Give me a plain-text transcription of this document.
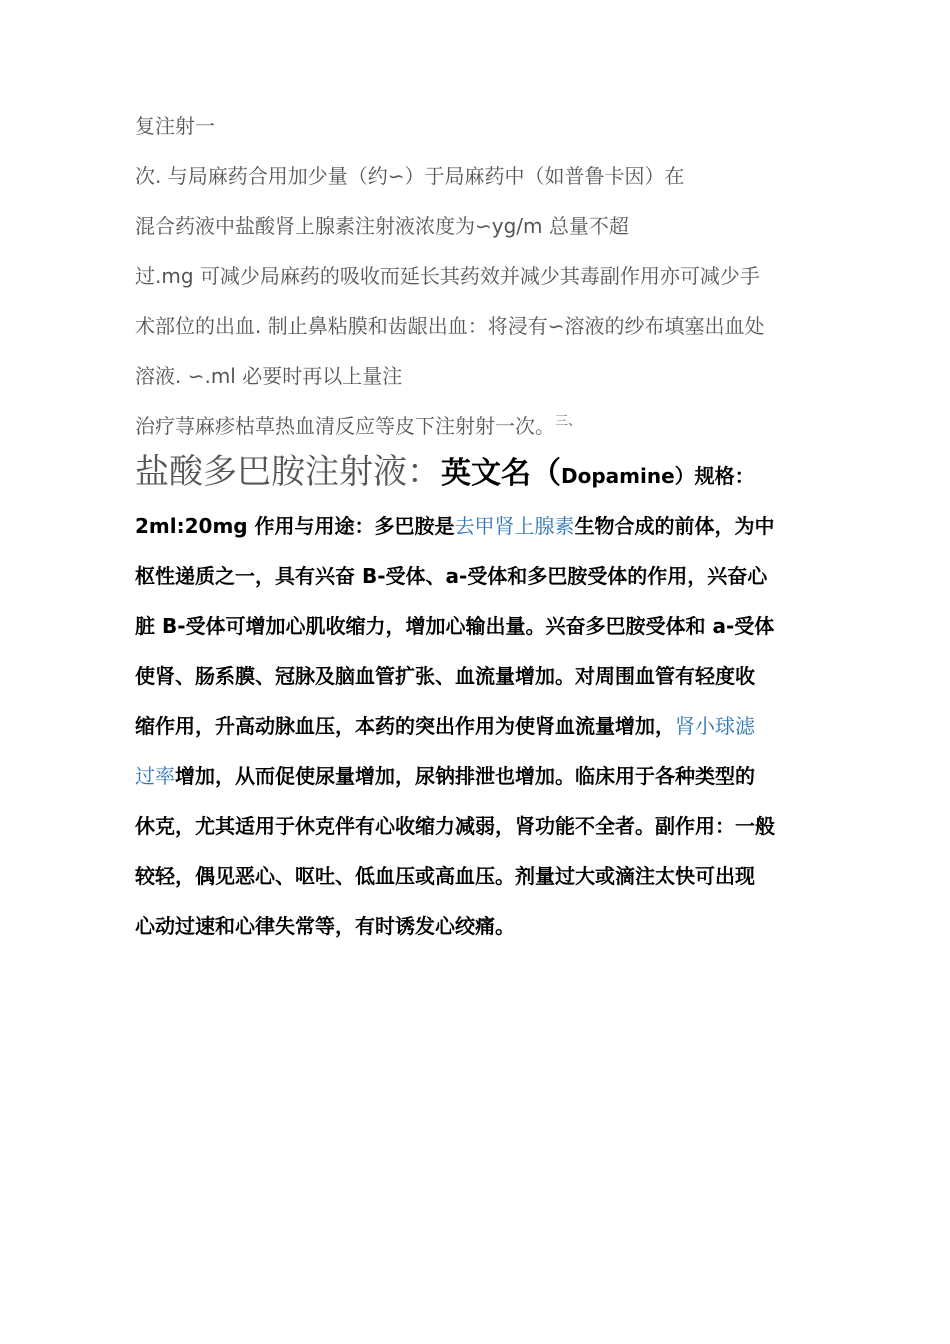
复注射一
次. 与局麻药合用加少量（约∽）于局麻药中（如普鲁卡因）在
混合药液中盐酸肾上腺素注射液浓度为∽yg/m 总量不超
过.mg 可减少局麻药的吸收而延长其药效并减少其毒副作用亦可减少手
术部位的出血. 制止鼻粘膜和齿龈出血：将浸有∽溶液的纱布填塞出血处
溶液. ∽.ml 必要时再以上量注
治疗荨麻疹枯草热血清反应等皮下注射射一次。$^{三、}$
盐酸多巴胺注射液：英文名（Dopamine）规格：
2ml:20mg 作用与用途：多巴胺是去甲肾上腺素生物合成的前体，为中
枢性递质之一，具有兴奋 B-受体、a-受体和多巴胺受体的作用，兴奋心
脏 B-受体可增加心肌收缩力，增加心输出量。兴奋多巴胺受体和 a-受体
使肾、肠系膜、冠脉及脑血管扩张、血流量增加。对周围血管有轻度收
缩作用，升高动脉血压，本药的突出作用为使肾血流量增加，肾小球滤
过率增加，从而促使尿量增加，尿钠排泄也增加。临床用于各种类型的
休克，尤其适用于休克伴有心收缩力减弱，肾功能不全者。副作用：一般
较轻，偶见恶心、呕吐、低血压或高血压。剂量过大或滴注太快可出现
心动过速和心律失常等，有时诱发心绞痛。
